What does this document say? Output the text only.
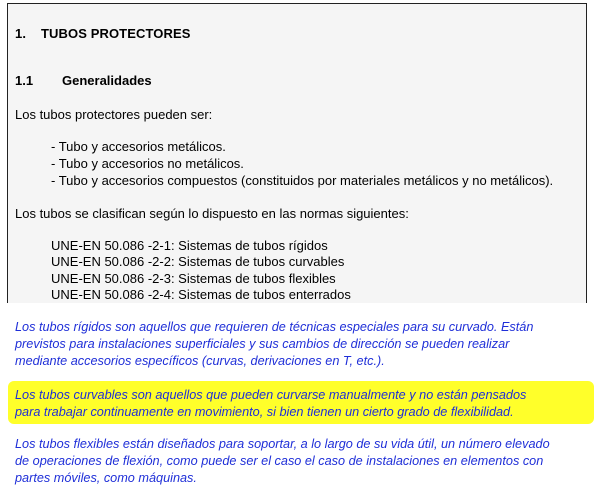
1. TUBOS PROTECTORES
1.1 Generalidades
Los tubos protectores pueden ser:
- Tubo y accesorios metálicos.
- Tubo y accesorios no metálicos.
- Tubo y accesorios compuestos (constituidos por materiales metálicos y no metálicos).
Los tubos se clasifican según lo dispuesto en las normas siguientes:
UNE-EN 50.086 -2-1: Sistemas de tubos rígidos
UNE-EN 50.086 -2-2: Sistemas de tubos curvables
UNE-EN 50.086 -2-3: Sistemas de tubos flexibles
UNE-EN 50.086 -2-4: Sistemas de tubos enterrados
Los tubos rígidos son aquellos que requieren de técnicas especiales para su curvado. Están
previstos para instalaciones superficiales y sus cambios de dirección se pueden realizar
mediante accesorios específicos (curvas, derivaciones en T, etc.).
Los tubos curvables son aquellos que pueden curvarse manualmente y no están pensados
para trabajar continuamente en movimiento, si bien tienen un cierto grado de flexibilidad.
Los tubos flexibles están diseñados para soportar, a lo largo de su vida útil, un número elevado
de operaciones de flexión, como puede ser el caso el caso de instalaciones en elementos con
partes móviles, como máquinas.
